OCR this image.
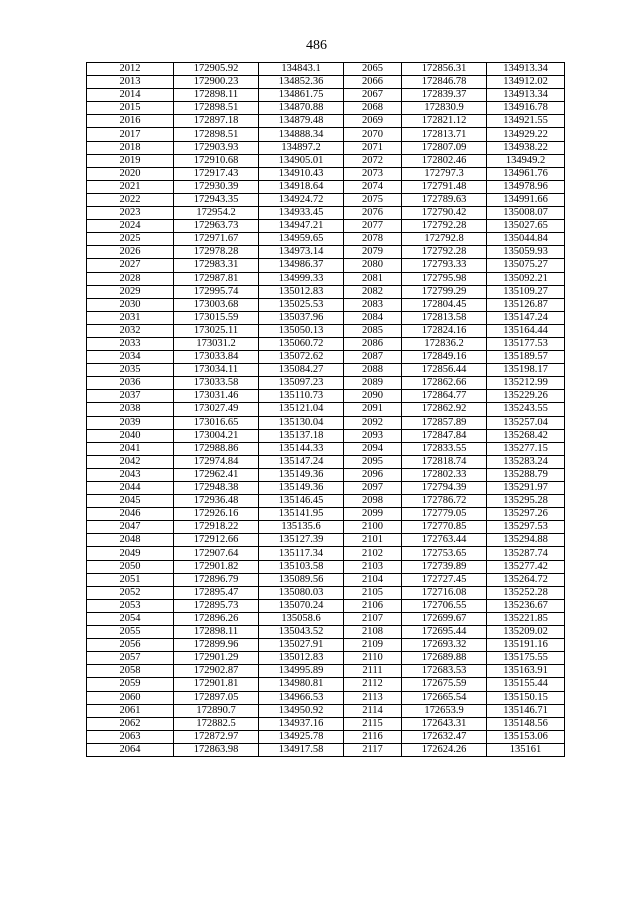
486
2012	172905.92	134843.1	2065	172856.31	134913.34
2013	172900.23	134852.36	2066	172846.78	134912.02
2014	172898.11	134861.75	2067	172839.37	134913.34
2015	172898.51	134870.88	2068	172830.9	134916.78
2016	172897.18	134879.48	2069	172821.12	134921.55
2017	172898.51	134888.34	2070	172813.71	134929.22
2018	172903.93	134897.2	2071	172807.09	134938.22
2019	172910.68	134905.01	2072	172802.46	134949.2
2020	172917.43	134910.43	2073	172797.3	134961.76
2021	172930.39	134918.64	2074	172791.48	134978.96
2022	172943.35	134924.72	2075	172789.63	134991.66
2023	172954.2	134933.45	2076	172790.42	135008.07
2024	172963.73	134947.21	2077	172792.28	135027.65
2025	172971.67	134959.65	2078	172792.8	135044.84
2026	172978.28	134973.14	2079	172792.28	135059.93
2027	172983.31	134986.37	2080	172793.33	135075.27
2028	172987.81	134999.33	2081	172795.98	135092.21
2029	172995.74	135012.83	2082	172799.29	135109.27
2030	173003.68	135025.53	2083	172804.45	135126.87
2031	173015.59	135037.96	2084	172813.58	135147.24
2032	173025.11	135050.13	2085	172824.16	135164.44
2033	173031.2	135060.72	2086	172836.2	135177.53
2034	173033.84	135072.62	2087	172849.16	135189.57
2035	173034.11	135084.27	2088	172856.44	135198.17
2036	173033.58	135097.23	2089	172862.66	135212.99
2037	173031.46	135110.73	2090	172864.77	135229.26
2038	173027.49	135121.04	2091	172862.92	135243.55
2039	173016.65	135130.04	2092	172857.89	135257.04
2040	173004.21	135137.18	2093	172847.84	135268.42
2041	172988.86	135144.33	2094	172833.55	135277.15
2042	172974.84	135147.24	2095	172818.74	135283.24
2043	172962.41	135149.36	2096	172802.33	135288.79
2044	172948.38	135149.36	2097	172794.39	135291.97
2045	172936.48	135146.45	2098	172786.72	135295.28
2046	172926.16	135141.95	2099	172779.05	135297.26
2047	172918.22	135135.6	2100	172770.85	135297.53
2048	172912.66	135127.39	2101	172763.44	135294.88
2049	172907.64	135117.34	2102	172753.65	135287.74
2050	172901.82	135103.58	2103	172739.89	135277.42
2051	172896.79	135089.56	2104	172727.45	135264.72
2052	172895.47	135080.03	2105	172716.08	135252.28
2053	172895.73	135070.24	2106	172706.55	135236.67
2054	172896.26	135058.6	2107	172699.67	135221.85
2055	172898.11	135043.52	2108	172695.44	135209.02
2056	172899.96	135027.91	2109	172693.32	135191.16
2057	172901.29	135012.83	2110	172689.88	135175.55
2058	172902.87	134995.89	2111	172683.53	135163.91
2059	172901.81	134980.81	2112	172675.59	135155.44
2060	172897.05	134966.53	2113	172665.54	135150.15
2061	172890.7	134950.92	2114	172653.9	135146.71
2062	172882.5	134937.16	2115	172643.31	135148.56
2063	172872.97	134925.78	2116	172632.47	135153.06
2064	172863.98	134917.58	2117	172624.26	135161
